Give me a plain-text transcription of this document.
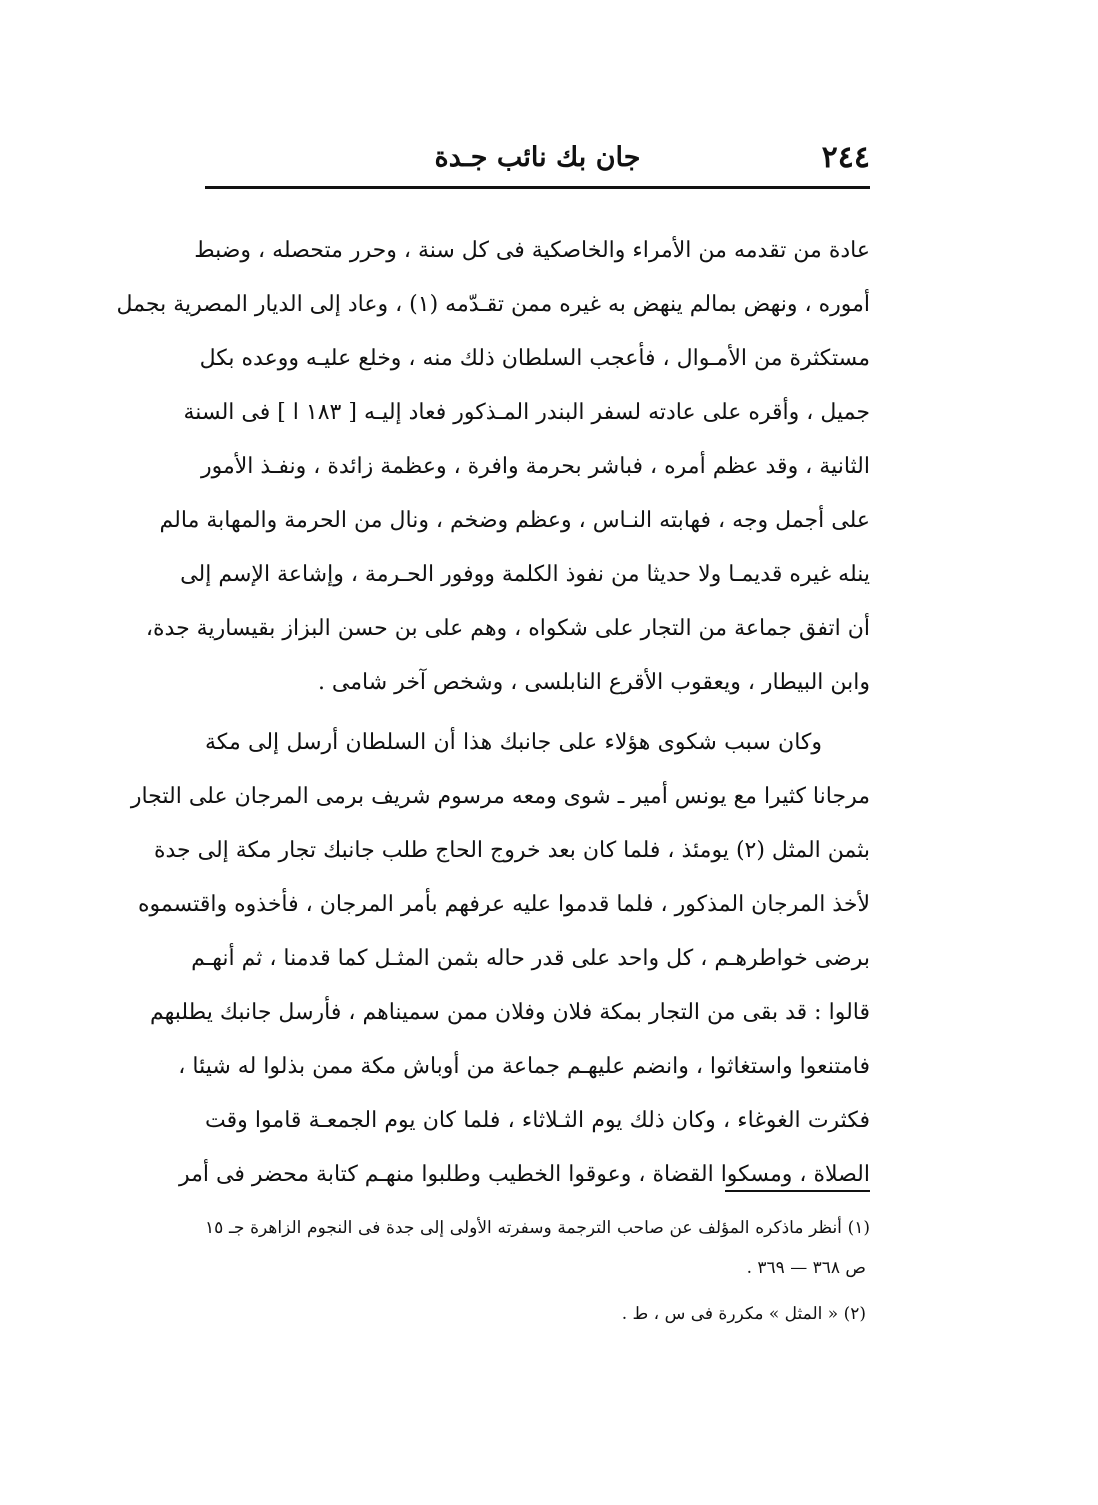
٢٤٤
جان بك نائب جـدة
عادة من تقدمه من الأمراء والخاصكية فى كل سنة ، وحرر متحصله ، وضبط
أموره ، ونهض بمالم ينهض به غيره ممن تقـدّمه (١) ، وعاد إلى الديار المصرية بجمل
مستكثرة من الأمـوال ، فأعجب السلطان ذلك منه ، وخلع عليـه ووعده بكل
جميل ، وأقره على عادته لسفر البندر المـذكور فعاد إليـه [ ١٨٣ ا ] فى السنة
الثانية ، وقد عظم أمره ، فباشر بحرمة وافرة ، وعظمة زائدة ، ونفـذ الأمور
على أجمل وجه ، فهابته النـاس ، وعظم وضخم ، ونال من الحرمة والمهابة مالم
ينله غيره قديمـا ولا حديثا من نفوذ الكلمة ووفور الحـرمة ، وإشاعة الإسم إلى
أن اتفق جماعة من التجار على شكواه ، وهم على بن حسن البزاز بقيسارية جدة،
وابن البيطار ، ويعقوب الأقرع النابلسى ، وشخص آخر شامى .
وكان سبب شكوى هؤلاء على جانبك هذا أن السلطان أرسل إلى مكة
مرجانا كثيرا مع يونس أمير ـ شوى ومعه مرسوم شريف برمى المرجان على التجار
بثمن المثل (٢) يومئذ ، فلما كان بعد خروج الحاج طلب جانبك تجار مكة إلى جدة
لأخذ المرجان المذكور ، فلما قدموا عليه عرفهم بأمر المرجان ، فأخذوه واقتسموه
برضى خواطرهـم ، كل واحد على قدر حاله بثمن المثـل كما قدمنا ، ثم أنهـم
قالوا : قد بقى من التجار بمكة فلان وفلان ممن سميناهم ، فأرسل جانبك يطلبهم
فامتنعوا واستغاثوا ، وانضم عليهـم جماعة من أوباش مكة ممن بذلوا له شيئا ،
فكثرت الغوغاء ، وكان ذلك يوم الثـلاثاء ، فلما كان يوم الجمعـة قاموا وقت
الصلاة ، ومسكوا القضاة ، وعوقوا الخطيب وطلبوا منهـم كتابة محضر فى أمر
(١) أنظر ماذكره المؤلف عن صاحب الترجمة وسفرته الأولى إلى جدة فى النجوم الزاهرة جـ ١٥
ص ٣٦٨ — ٣٦٩ .
(٢) « المثل » مكررة فى س ، ط .
